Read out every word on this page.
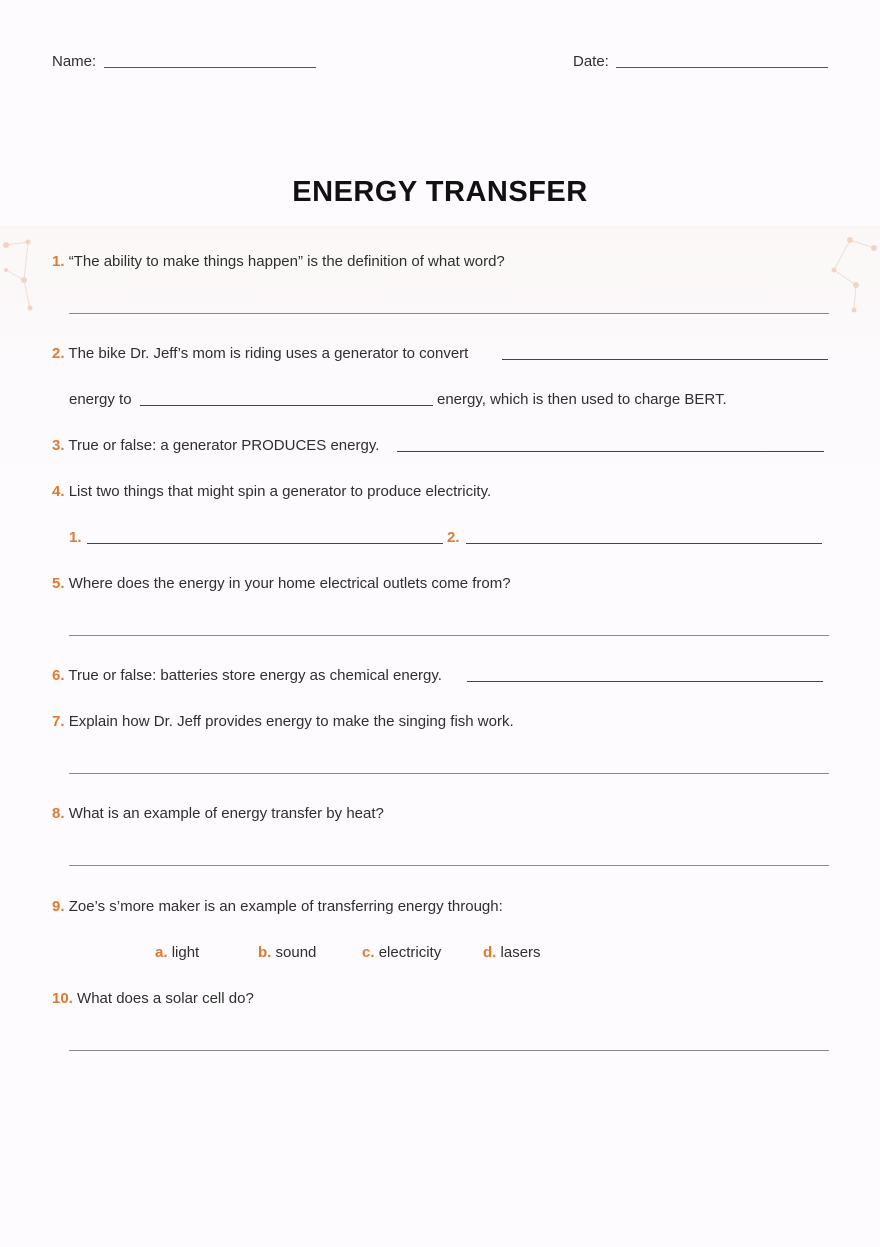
Name:	Date:
ENERGY TRANSFER
1. “The ability to make things happen” is the definition of what word?
2. The bike Dr. Jeff’s mom is riding uses a generator to convert
energy to	energy, which is then used to charge BERT.
3. True or false: a generator PRODUCES energy.
4. List two things that might spin a generator to produce electricity.
1.	2.
5. Where does the energy in your home electrical outlets come from?
6. True or false: batteries store energy as chemical energy.
7. Explain how Dr. Jeff provides energy to make the singing fish work.
8. What is an example of energy transfer by heat?
9. Zoe’s s’more maker is an example of transferring energy through:
a. light	b. sound	c. electricity	d. lasers
10. What does a solar cell do?
